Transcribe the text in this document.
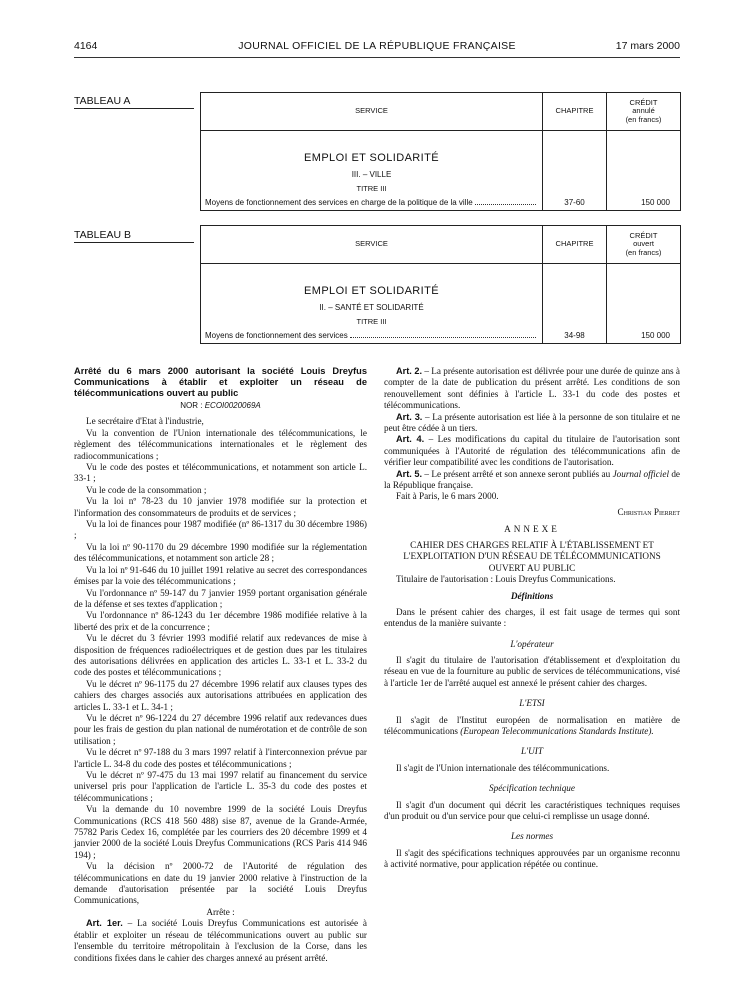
4164	JOURNAL OFFICIEL DE LA RÉPUBLIQUE FRANÇAISE	17 mars 2000
TABLEAU A
SERVICE	CHAPITRE	CRÉDIT
annulé
(en francs)

EMPLOI ET SOLIDARITÉ
III. – VILLE
TITRE III
Moyens de fonctionnement des services en charge de la politique de la ville	37-60	150 000
TABLEAU B
SERVICE	CHAPITRE	CRÉDIT
ouvert
(en francs)

EMPLOI ET SOLIDARITÉ
II. – SANTÉ ET SOLIDARITÉ
TITRE III
Moyens de fonctionnement des services	34-98	150 000

Arrêté du 6 mars 2000 autorisant la société Louis Dreyfus Communications à établir et exploiter un réseau de télécommunications ouvert au public

NOR : ECOI0020069A

Le secrétaire d'Etat à l'industrie,

Vu la convention de l'Union internationale des télécommunications, le règlement des télécommunications internationales et le règlement des radiocommunications ;

Vu le code des postes et télécommunications, et notamment son article L. 33-1 ;

Vu le code de la consommation ;

Vu la loi nº 78-23 du 10 janvier 1978 modifiée sur la protection et l'information des consommateurs de produits et de services ;

Vu la loi de finances pour 1987 modifiée (nº 86-1317 du 30 décembre 1986) ;

Vu la loi nº 90-1170 du 29 décembre 1990 modifiée sur la réglementation des télécommunications, et notamment son article 28 ;

Vu la loi nº 91-646 du 10 juillet 1991 relative au secret des correspondances émises par la voie des télécommunications ;

Vu l'ordonnance nº 59-147 du 7 janvier 1959 portant organisation générale de la défense et ses textes d'application ;

Vu l'ordonnance nº 86-1243 du 1er décembre 1986 modifiée relative à la liberté des prix et de la concurrence ;

Vu le décret du 3 février 1993 modifié relatif aux redevances de mise à disposition de fréquences radioélectriques et de gestion dues par les titulaires des autorisations délivrées en application des articles L. 33-1 et L. 33-2 du code des postes et télécommunications ;

Vu le décret nº 96-1175 du 27 décembre 1996 relatif aux clauses types des cahiers des charges associés aux autorisations attribuées en application des articles L. 33-1 et L. 34-1 ;

Vu le décret nº 96-1224 du 27 décembre 1996 relatif aux redevances dues pour les frais de gestion du plan national de numérotation et de contrôle de son utilisation ;

Vu le décret nº 97-188 du 3 mars 1997 relatif à l'interconnexion prévue par l'article L. 34-8 du code des postes et télécommunications ;

Vu le décret nº 97-475 du 13 mai 1997 relatif au financement du service universel pris pour l'application de l'article L. 35-3 du code des postes et télécommunications ;

Vu la demande du 10 novembre 1999 de la société Louis Dreyfus Communications (RCS 418 560 488) sise 87, avenue de la Grande-Armée, 75782 Paris Cedex 16, complétée par les courriers des 20 décembre 1999 et 4 janvier 2000 de la société Louis Dreyfus Communications (RCS Paris 414 946 194) ;

Vu la décision nº 2000-72 de l'Autorité de régulation des télécommunications en date du 19 janvier 2000 relative à l'instruction de la demande d'autorisation présentée par la société Louis Dreyfus Communications,

Arrête :

Art. 1er. – La société Louis Dreyfus Communications est autorisée à établir et exploiter un réseau de télécommunications ouvert au public sur l'ensemble du territoire métropolitain à l'exclusion de la Corse, dans les conditions fixées dans le cahier des charges annexé au présent arrêté.

Art. 2. – La présente autorisation est délivrée pour une durée de quinze ans à compter de la date de publication du présent arrêté. Les conditions de son renouvellement sont définies à l'article L. 33-1 du code des postes et télécommunications.

Art. 3. – La présente autorisation est liée à la personne de son titulaire et ne peut être cédée à un tiers.

Art. 4. – Les modifications du capital du titulaire de l'autorisation sont communiquées à l'Autorité de régulation des télécommunications afin de vérifier leur compatibilité avec les conditions de l'autorisation.

Art. 5. – Le présent arrêté et son annexe seront publiés au Journal officiel de la République française.

Fait à Paris, le 6 mars 2000.

Christian Pierret
ANNEXE

CAHIER DES CHARGES RELATIF À L'ÉTABLISSEMENT ET L'EXPLOITATION D'UN RÉSEAU DE TÉLÉCOMMUNICATIONS OUVERT AU PUBLIC

Titulaire de l'autorisation : Louis Dreyfus Communications.

Définitions

Dans le présent cahier des charges, il est fait usage de termes qui sont entendus de la manière suivante :

L'opérateur

Il s'agit du titulaire de l'autorisation d'établissement et d'exploitation du réseau en vue de la fourniture au public de services de télécommunications, visé à l'article 1er de l'arrêté auquel est annexé le présent cahier des charges.

L'ETSI

Il s'agit de l'Institut européen de normalisation en matière de télécommunications (European Telecommunications Standards Institute).

L'UIT

Il s'agit de l'Union internationale des télécommunications.

Spécification technique

Il s'agit d'un document qui décrit les caractéristiques techniques requises d'un produit ou d'un service pour que celui-ci remplisse un usage donné.

Les normes

Il s'agit des spécifications techniques approuvées par un organisme reconnu à activité normative, pour application répétée ou continue.
